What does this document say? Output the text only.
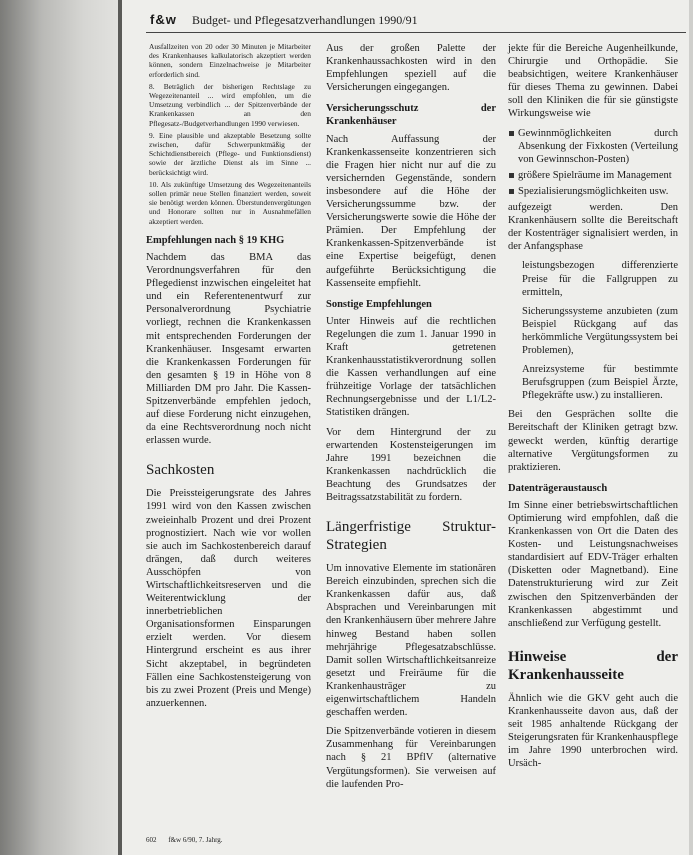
f&w Budget- und Pflegesatzverhandlungen 1990/91

Ausfallzeiten von 20 oder 30 Minuten je Mitarbeiter des Krankenhauses kalkulatorisch akzeptiert werden können, sondern Einzelnachweise je Mitarbeiter erforderlich sind.

8. Beträglich der bisherigen Rechtslage zu Wegezeitenanteil ... wird empfohlen, um die Umsetzung verbindlich ... der Spitzenverbände der Krankenkassen an den Pflegesatz-/Budgetverhandlungen 1990 verwiesen.

9. Eine plausible und akzeptable Besetzung sollte zwischen, dafür Schwerpunktmäßig der Schichtdienstbereich (Pflege- und Funktionsdienst) sowie der ärztliche Dienst als im Sinne ... berücksichtigt wird.

10. Als zukünftige Umsetzung des Wegezeitenanteils sollen primär neue Stellen finanziert werden, soweit sie benötigt werden können. Überstundenvergütungen und Honorare sollten nur in Ausnahmefällen akzeptiert werden.

Empfehlungen nach § 19 KHG

Nachdem das BMA das Verordnungsverfahren für den Pflegedienst inzwischen eingeleitet hat und ein Referentenentwurf zur Personalverordnung Psychiatrie vorliegt, rechnen die Krankenkassen mit entsprechenden Forderungen der Krankenhäuser. Insgesamt erwarten die Krankenkassen Forderungen für den gesamten § 19 in Höhe von 8 Milliarden DM pro Jahr. Die Kassen-Spitzenverbände empfehlen jedoch, auf diese Forderung nicht einzugehen, da eine Rechtsverordnung noch nicht erlassen wurde.

Sachkosten

Die Preissteigerungsrate des Jahres 1991 wird von den Kassen zwischen zweieinhalb Prozent und drei Prozent prognostiziert. Nach wie vor wollen sie auch im Sachkostenbereich darauf drängen, daß durch weiteres Ausschöpfen von Wirtschaftlichkeitsreserven und die Weiterentwicklung der innerbetrieblichen Organisationsformen Einsparungen erzielt werden. Vor diesem Hintergrund erscheint es aus ihrer Sicht akzeptabel, in begründeten Fällen eine Sachkostensteigerung von bis zu zwei Prozent (Preis und Menge) anzuerkennen.

Aus der großen Palette der Krankenhaussachkosten wird in den Empfehlungen speziell auf die Versicherungen eingegangen.

Versicherungsschutz der Krankenhäuser

Nach Auffassung der Krankenkassenseite konzentrieren sich die Fragen hier nicht nur auf die zu versichernden Gegenstände, sondern insbesondere auf die Höhe der Versicherungssumme bzw. der Versicherungswerte sowie die Höhe der Prämien. Der Empfehlung der Krankenkassen-Spitzenverbände ist eine Expertise beigefügt, denen aufgeführte Berücksichtigung die Kassenseite empfiehlt.

Sonstige Empfehlungen

Unter Hinweis auf die rechtlichen Regelungen die zum 1. Januar 1990 in Kraft getretenen Krankenhausstatistikverordnung sollen die Kassen verhandlungen auf eine frühzeitige Vorlage der tatsächlichen Rechnungsergebnisse und der L1/L2-Statistiken drängen.

Vor dem Hintergrund der zu erwartenden Kostensteigerungen im Jahre 1991 bezeichnen die Krankenkassen nachdrücklich die Beachtung des Grundsatzes der Beitragssatzstabilität zu fordern.

Längerfristige Struktur-Strategien

Um innovative Elemente im stationären Bereich einzubinden, sprechen sich die Krankenkassen dafür aus, daß Absprachen und Vereinbarungen mit den Krankenhäusern über mehrere Jahre hinweg Bestand haben sollen mehrjährige Pflegesatzabschlüsse. Damit sollen Wirtschaftlichkeitsanreize gesetzt und Freiräume für die Krankenhausträger zu eigenwirtschaftlichem Handeln geschaffen werden.

Die Spitzenverbände votieren in diesem Zusammenhang für Vereinbarungen nach § 21 BPflV (alternative Vergütungsformen). Sie verweisen auf die laufenden Pro-

jekte für die Bereiche Augenheilkunde, Chirurgie und Orthopädie. Sie beabsichtigen, weitere Krankenhäuser für dieses Thema zu gewinnen. Dabei soll den Kliniken die für sie günstigste Wirkungsweise wie

Gewinnmöglichkeiten durch Absenkung der Fixkosten (Verteilung von Gewinnschon-Posten)
größere Spielräume im Management
Spezialisierungsmöglichkeiten usw.

aufgezeigt werden. Den Krankenhäusern sollte die Bereitschaft der Kostenträger signalisiert werden, in der Anfangsphase

leistungsbezogen differenzierte Preise für die Fallgruppen zu ermitteln,

Sicherungssysteme anzubieten (zum Beispiel Rückgang auf das herkömmliche Vergütungssystem bei Problemen),

Anreizsysteme für bestimmte Berufsgruppen (zum Beispiel Ärzte, Pflegekräfte usw.) zu installieren.

Bei den Gesprächen sollte die Bereitschaft der Kliniken getragt bzw. geweckt werden, künftig derartige alternative Vergütungsformen zu praktizieren.

Datenträgeraustausch

Im Sinne einer betriebswirtschaftlichen Optimierung wird empfohlen, daß die Krankenkassen von Ort die Daten des Kosten- und Leistungsnachweises standardisiert auf EDV-Träger erhalten (Disketten oder Magnetband). Eine Datenstrukturierung wird zur Zeit zwischen den Spitzenverbänden der Krankenkassen abgestimmt und anschließend zur Verfügung gestellt.

Hinweise der Krankenhausseite

Ähnlich wie die GKV geht auch die Krankenhausseite davon aus, daß der seit 1985 anhaltende Rückgang der Steigerungsraten für Krankenhauspflege im Jahre 1990 unterbrochen wird. Ursäch-

602 f&w 6/90, 7. Jahrg.
